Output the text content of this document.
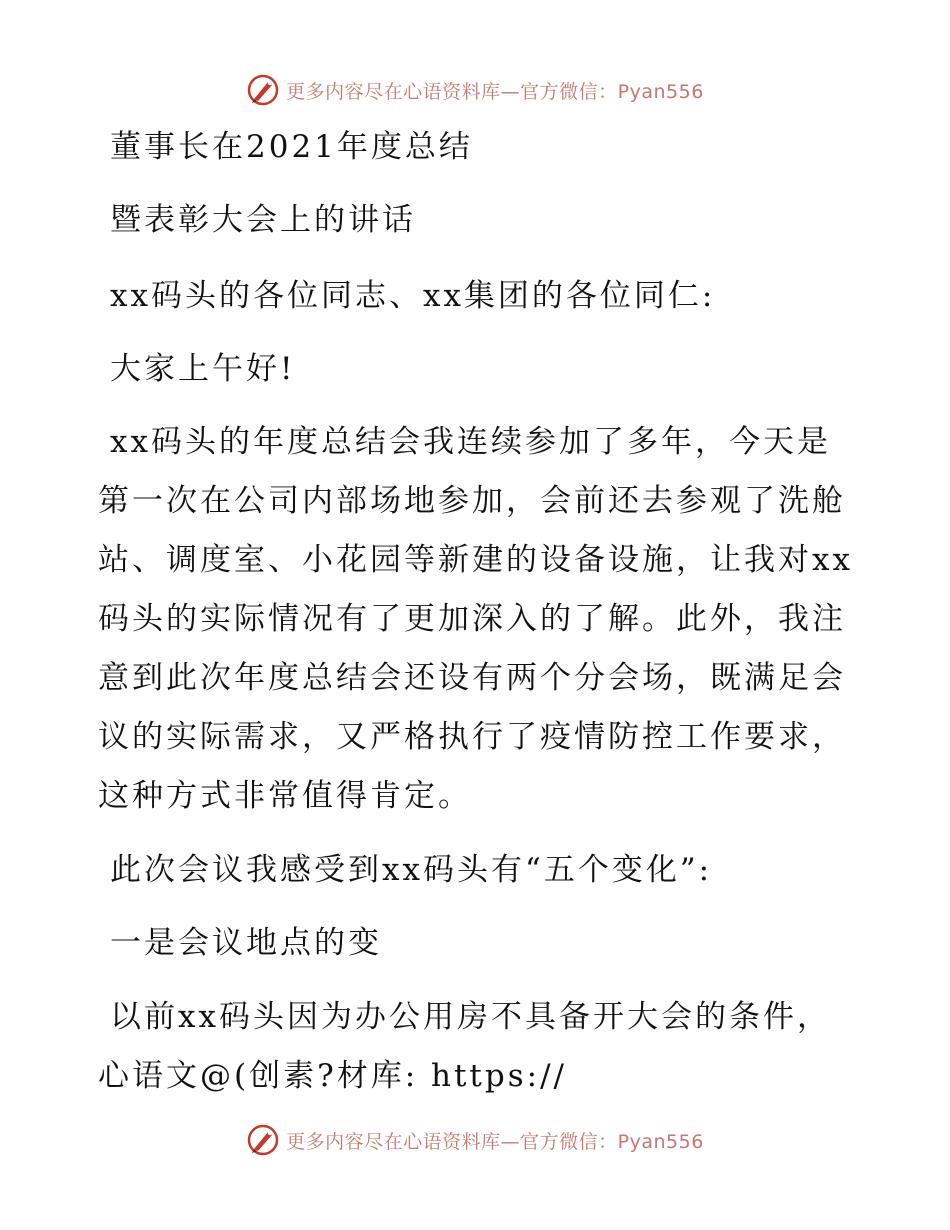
更多内容尽在心语资料库—官方微信：Pyan556
董事长在2021年度总结
暨表彰大会上的讲话
xx码头的各位同志、xx集团的各位同仁:
大家上午好!
xx码头的年度总结会我连续参加了多年，今天是
第一次在公司内部场地参加，会前还去参观了洗舱
站、调度室、小花园等新建的设备设施，让我对xx
码头的实际情况有了更加深入的了解。此外，我注
意到此次年度总结会还设有两个分会场，既满足会
议的实际需求，又严格执行了疫情防控工作要求，
这种方式非常值得肯定。
此次会议我感受到xx码头有“五个变化”:
一是会议地点的变
以前xx码头因为办公用房不具备开大会的条件，
心语文@(创素?材库: https://
更多内容尽在心语资料库—官方微信：Pyan556
